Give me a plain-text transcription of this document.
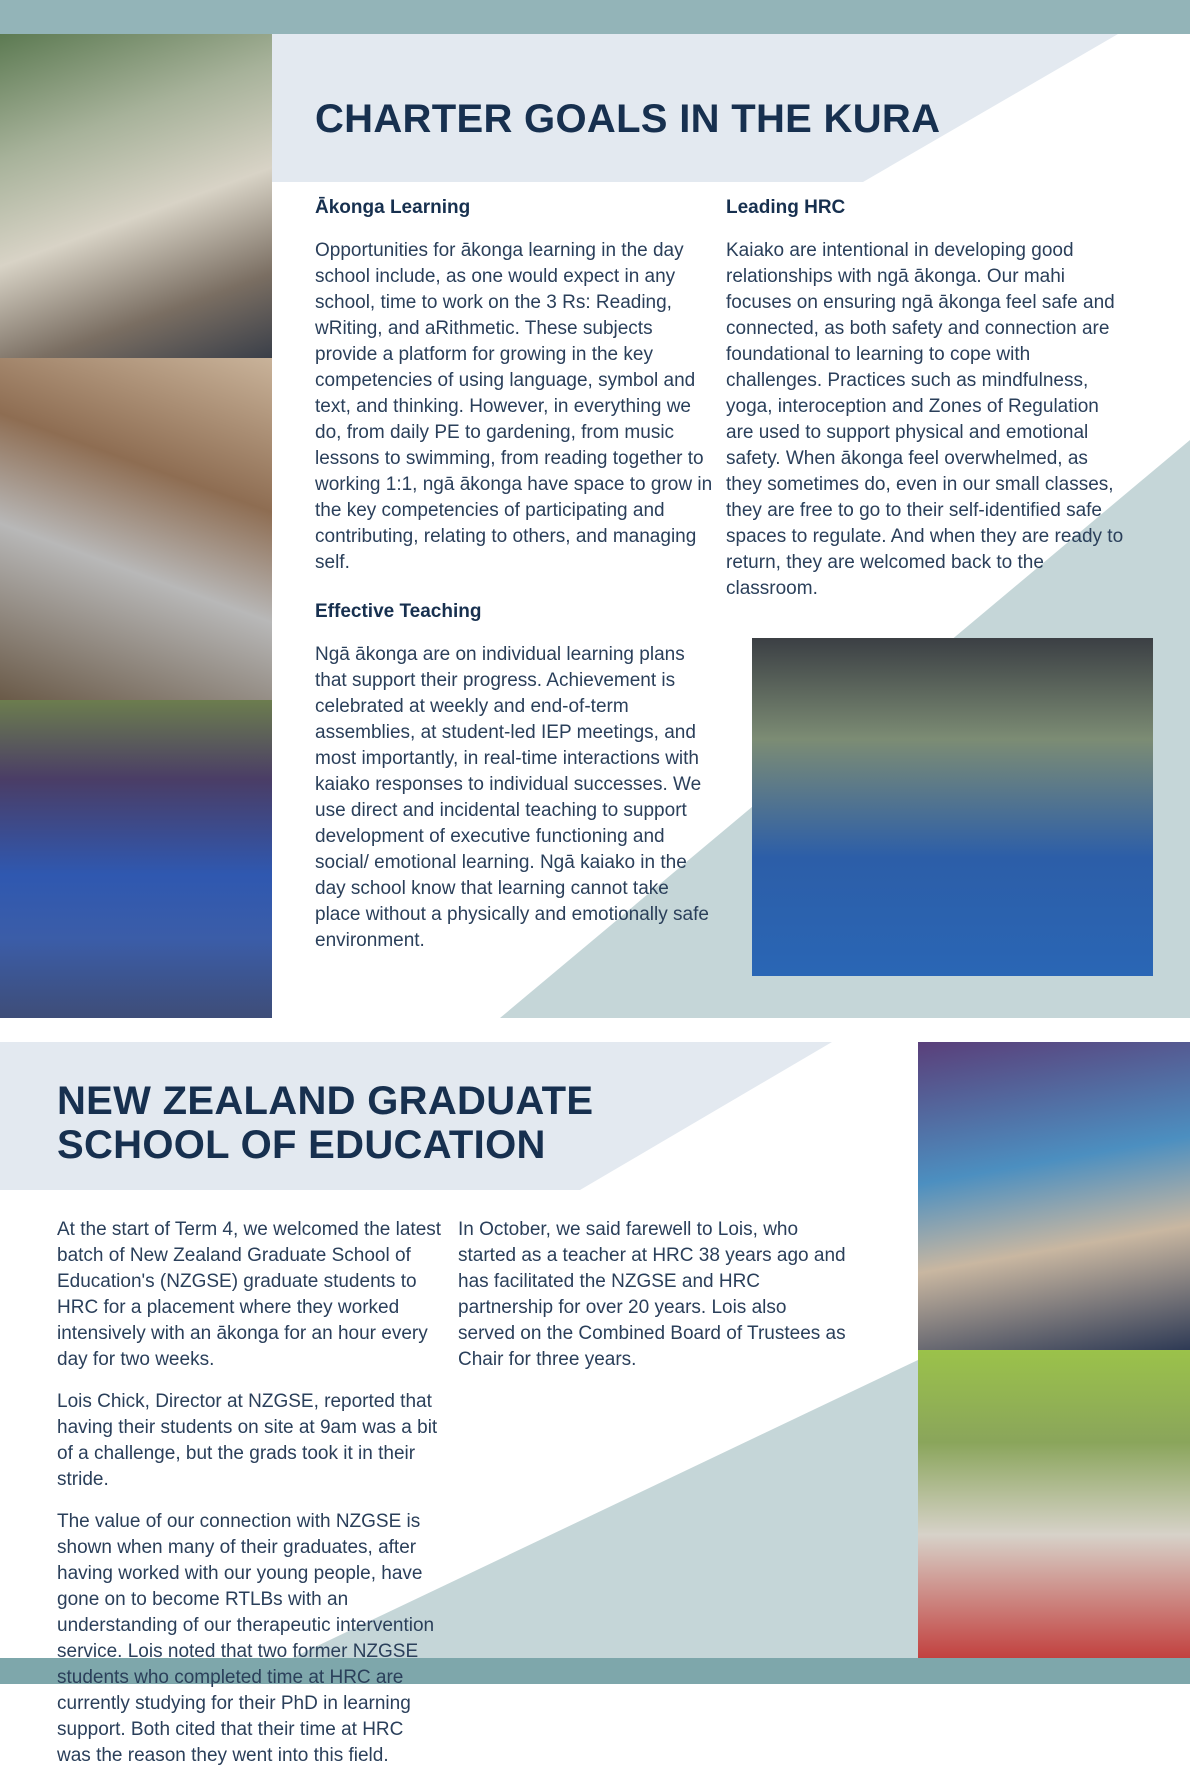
CHARTER GOALS IN THE KURA
Ākonga Learning

Opportunities for ākonga learning in the day school include, as one would expect in any school, time to work on the 3 Rs: Reading, wRiting, and aRithmetic. These subjects provide a platform for growing in the key competencies of using language, symbol and text, and thinking. However, in everything we do, from daily PE to gardening, from music lessons to swimming, from reading together to working 1:1, ngā ākonga have space to grow in the key competencies of participating and contributing, relating to others, and managing self.

Effective Teaching

Ngā ākonga are on individual learning plans that support their progress. Achievement is celebrated at weekly and end-of-term assemblies, at student-led IEP meetings, and most importantly, in real-time interactions with kaiako responses to individual successes. We use direct and incidental teaching to support development of executive functioning and social/ emotional learning. Ngā kaiako in the day school know that learning cannot take place without a physically and emotionally safe environment.

Leading HRC

Kaiako are intentional in developing good relationships with ngā ākonga. Our mahi focuses on ensuring ngā ākonga feel safe and connected, as both safety and connection are foundational to learning to cope with challenges. Practices such as mindfulness, yoga, interoception and Zones of Regulation are used to support physical and emotional safety. When ākonga feel overwhelmed, as they sometimes do, even in our small classes, they are free to go to their self-identified safe spaces to regulate. And when they are ready to return, they are welcomed back to the classroom.

NEW ZEALAND GRADUATE
SCHOOL OF EDUCATION

At the start of Term 4, we welcomed the latest batch of New Zealand Graduate School of Education's (NZGSE) graduate students to HRC for a placement where they worked intensively with an ākonga for an hour every day for two weeks.

Lois Chick, Director at NZGSE, reported that having their students on site at 9am was a bit of a challenge, but the grads took it in their stride.

The value of our connection with NZGSE is shown when many of their graduates, after having worked with our young people, have gone on to become RTLBs with an understanding of our therapeutic intervention service. Lois noted that two former NZGSE students who completed time at HRC are currently studying for their PhD in learning support. Both cited that their time at HRC was the reason they went into this field.

In October, we said farewell to Lois, who started as a teacher at HRC 38 years ago and has facilitated the NZGSE and HRC partnership for over 20 years. Lois also served on the Combined Board of Trustees as Chair for three years.
